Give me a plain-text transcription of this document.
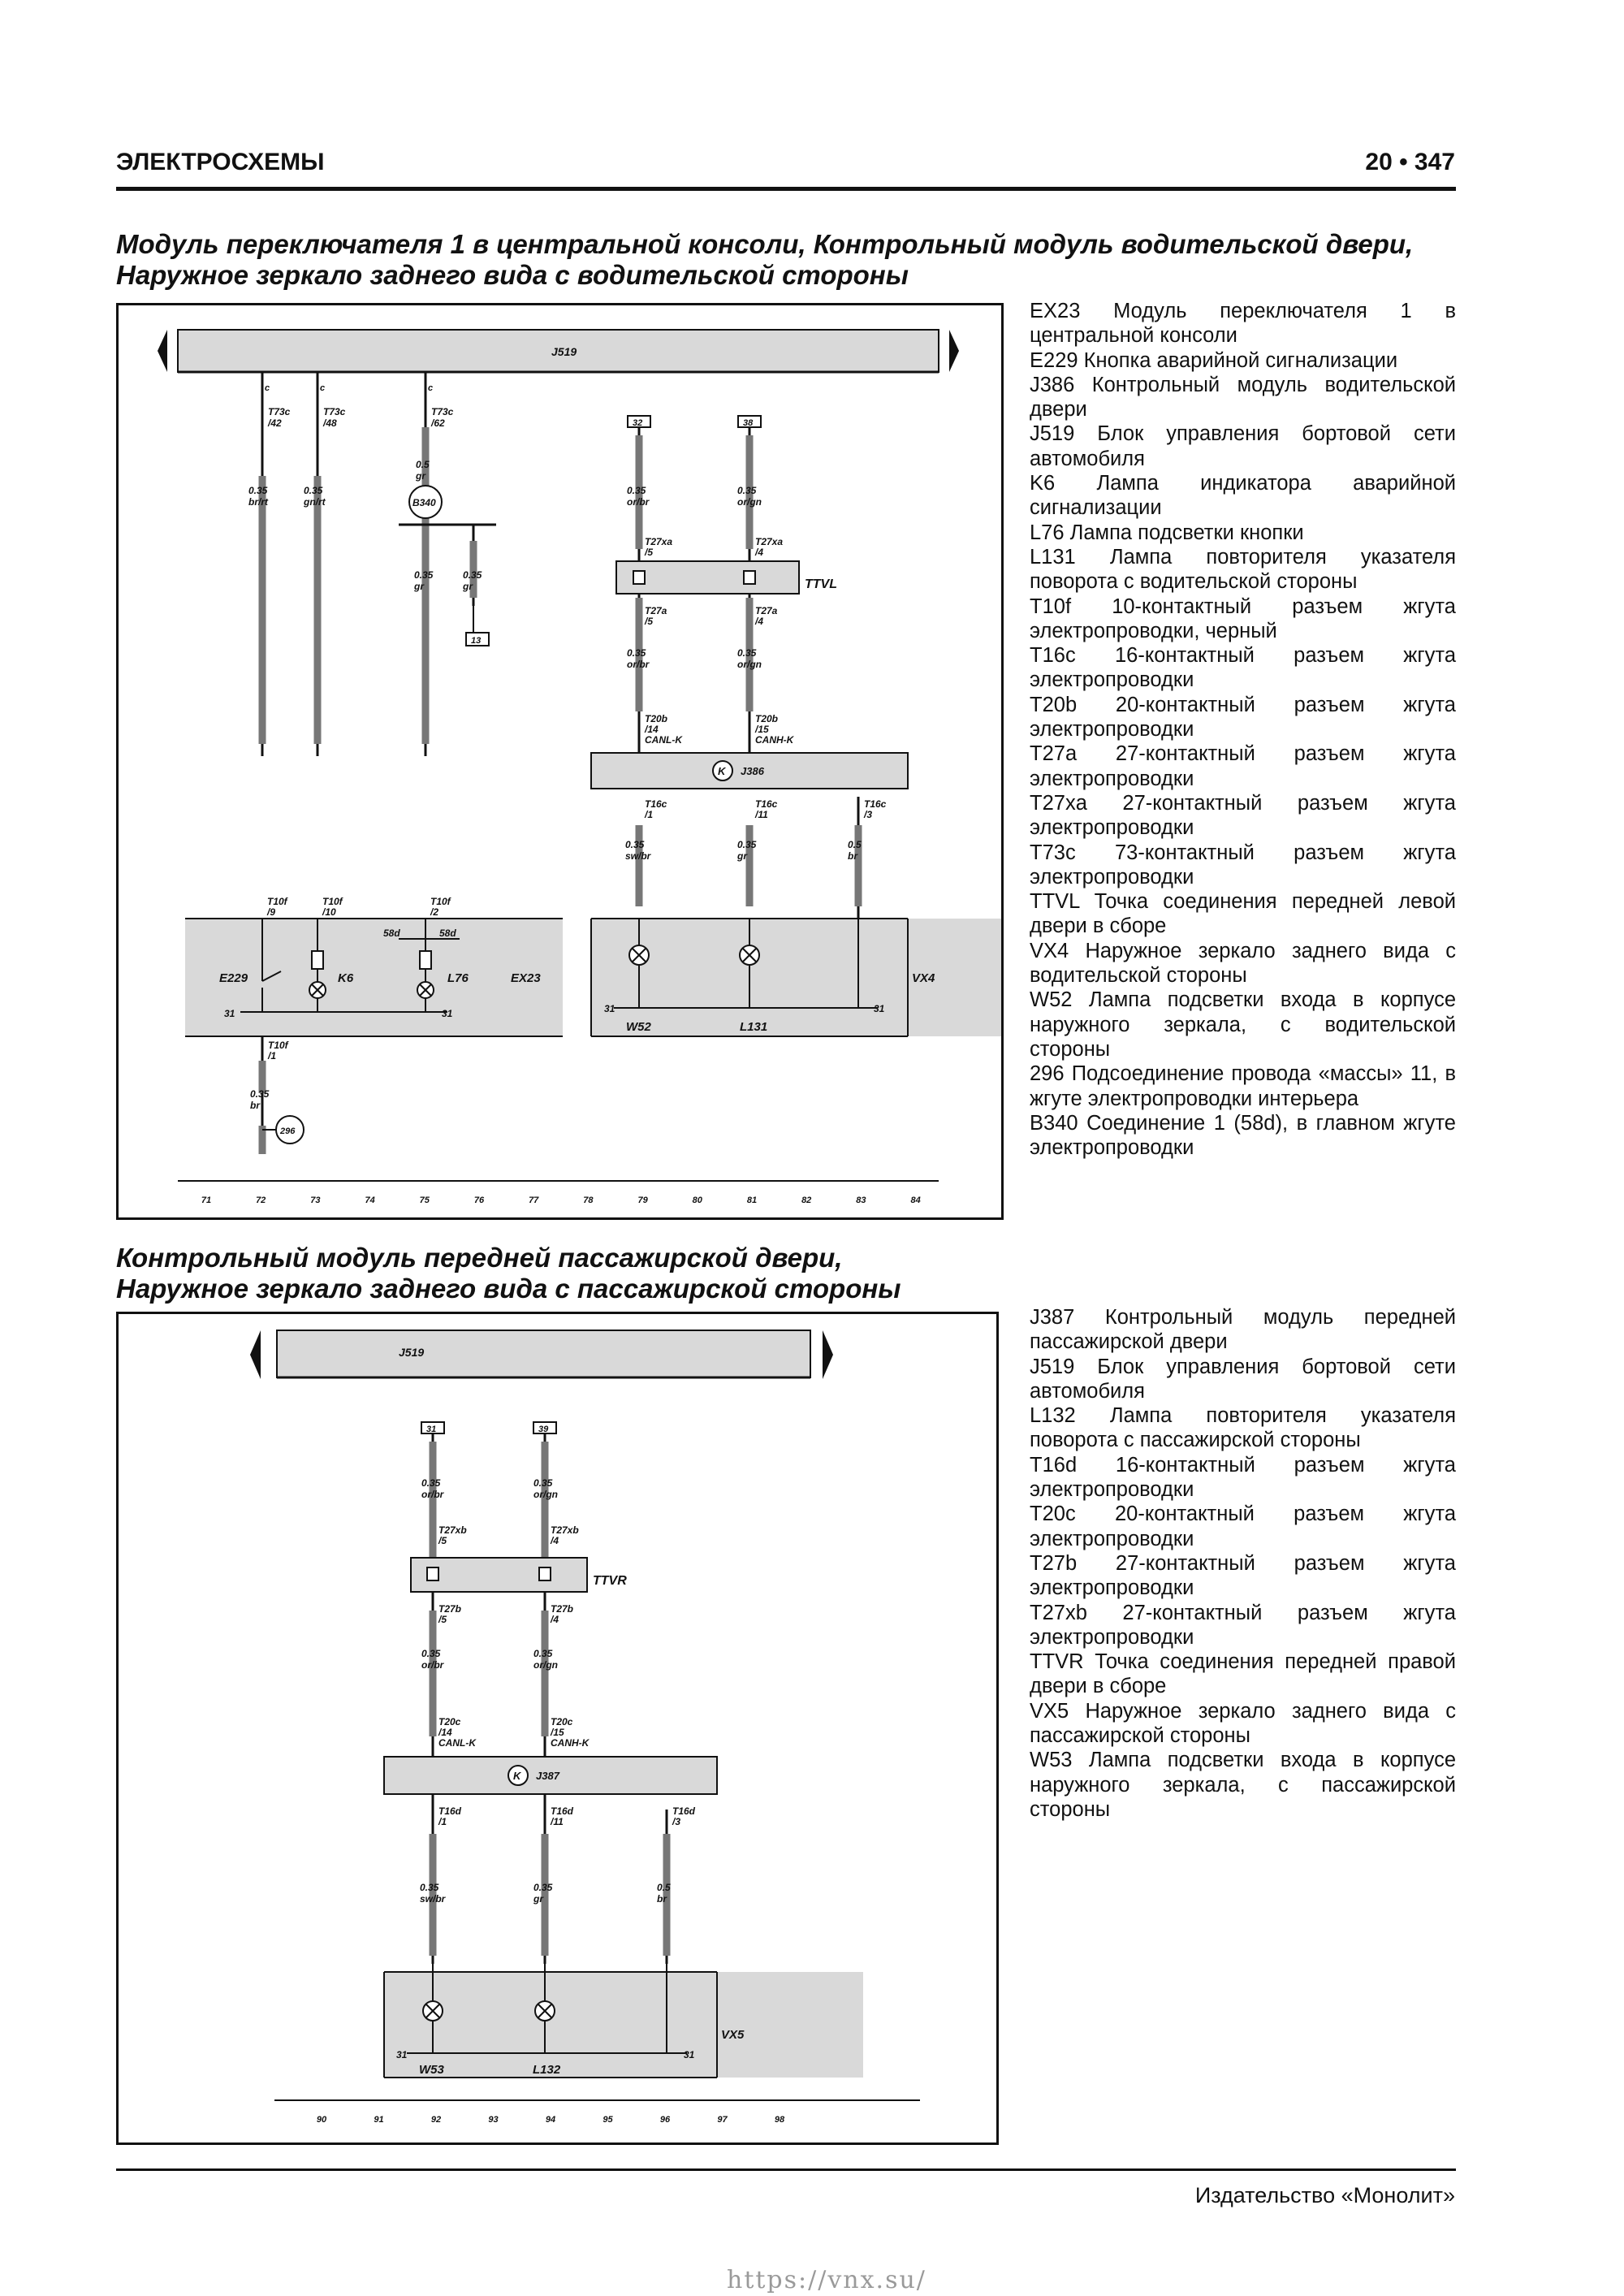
ЭЛЕКТРОСХЕМЫ	20 • 347
Модуль переключателя 1 в центральной консоли, Контрольный модуль водительской двери,
Наружное зеркало заднего вида с водительской стороны
J519
B340
13
c	c	c
T73c
/42
T73c
/48
T73c
/62
0.35
br/rt
0.35
gn/rt
0.5
gr
0.35
gr
0.35
gr
32	38
0.35
or/br
0.35
or/gn
T27xa
/5
T27xa
/4
TTVL
T27a
/5
T27a
/4
0.35
or/br
0.35
or/gn
T20b
/14
CANL-K
T20b
/15
CANH-K
K J386
T16c
/1
T16c
/11
T16c
/3
0.35
sw/br
0.35
gr
0.5
br
T10f
/9
T10f
/10
T10f
/2
58d	58d
E229	K6	L76	EX23
31	31
T10f
/1
0.35
br
296
31	31
W52	L131
VX4
71	72	73	74	75	76	77	78	79	80	81	82	83	84
EX23 Модуль переключателя 1 в центральной консоли
E229 Кнопка аварийной сигнализации
J386 Контрольный модуль водительской двери
J519 Блок управления бортовой сети автомобиля
K6 Лампа индикатора аварийной сигнализации
L76 Лампа подсветки кнопки
L131 Лампа повторителя указателя поворота с водительской стороны
T10f 10-контактный разъем жгута электропроводки, черный
T16c 16-контактный разъем жгута электропроводки
T20b 20-контактный разъем жгута электропроводки
T27a 27-контактный разъем жгута электропроводки
T27xa 27-контактный разъем жгута электропроводки
T73c 73-контактный разъем жгута электропроводки
TTVL Точка соединения передней левой двери в сборе
VX4 Наружное зеркало заднего вида с водительской стороны
W52 Лампа подсветки входа в корпусе наружного зеркала, с водительской стороны
296 Подсоединение провода «массы» 11, в жгуте электропроводки интерьера
B340 Соединение 1 (58d), в главном жгуте электропроводки
Контрольный модуль передней пассажирской двери,
Наружное зеркало заднего вида с пассажирской стороны
J519
31	39
0.35
or/br
0.35
or/gn
T27xb
/5
T27xb
/4
TTVR
T27b
/5
T27b
/4
0.35
or/br
0.35
or/gn
T20c
/14
CANL-K
T20c
/15
CANH-K
K J387
T16d
/1
T16d
/11
T16d
/3
0.35
sw/br
0.35
gr
0.5
br
31	31
W53	L132
VX5
90	91	92	93	94	95	96	97	98
J387 Контрольный модуль передней пассажирской двери
J519 Блок управления бортовой сети автомобиля
L132 Лампа повторителя указателя поворота с пассажирской стороны
T16d 16-контактный разъем жгута электропроводки
T20c 20-контактный разъем жгута электропроводки
T27b 27-контактный разъем жгута электропроводки
T27xb 27-контактный разъем жгута электропроводки
TTVR Точка соединения передней правой двери в сборе
VX5 Наружное зеркало заднего вида с пассажирской стороны
W53 Лампа подсветки входа в корпусе наружного зеркала, с пассажирской стороны
Издательство «Монолит»
https://vnx.su/
